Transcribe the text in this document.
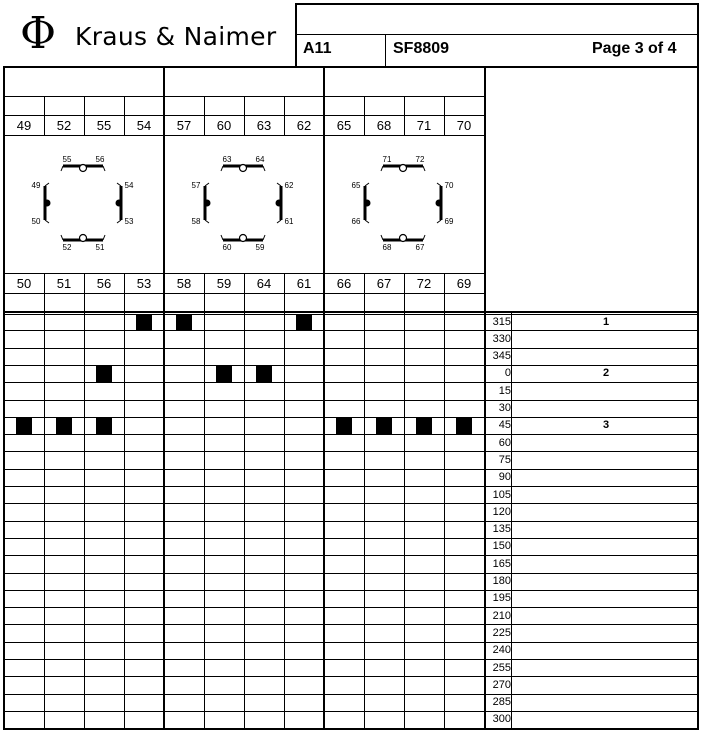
Φ Kraus & Naimer A11	SF8809	Page 3 of 4
49	52	55	54	57	60	63	62	65	68	71	70
50	51	56	53	58	59	64	61	66	67	72	69
55	56
52	51
49
50
54
53
63	64
60	59
57
58
62
61
71	72
68	67
65
66
70
69
315	1
330
345
0	2
15
30
45	3
60
75
90
105
120
135
150
165
180
195
210
225
240
255
270
285
300
